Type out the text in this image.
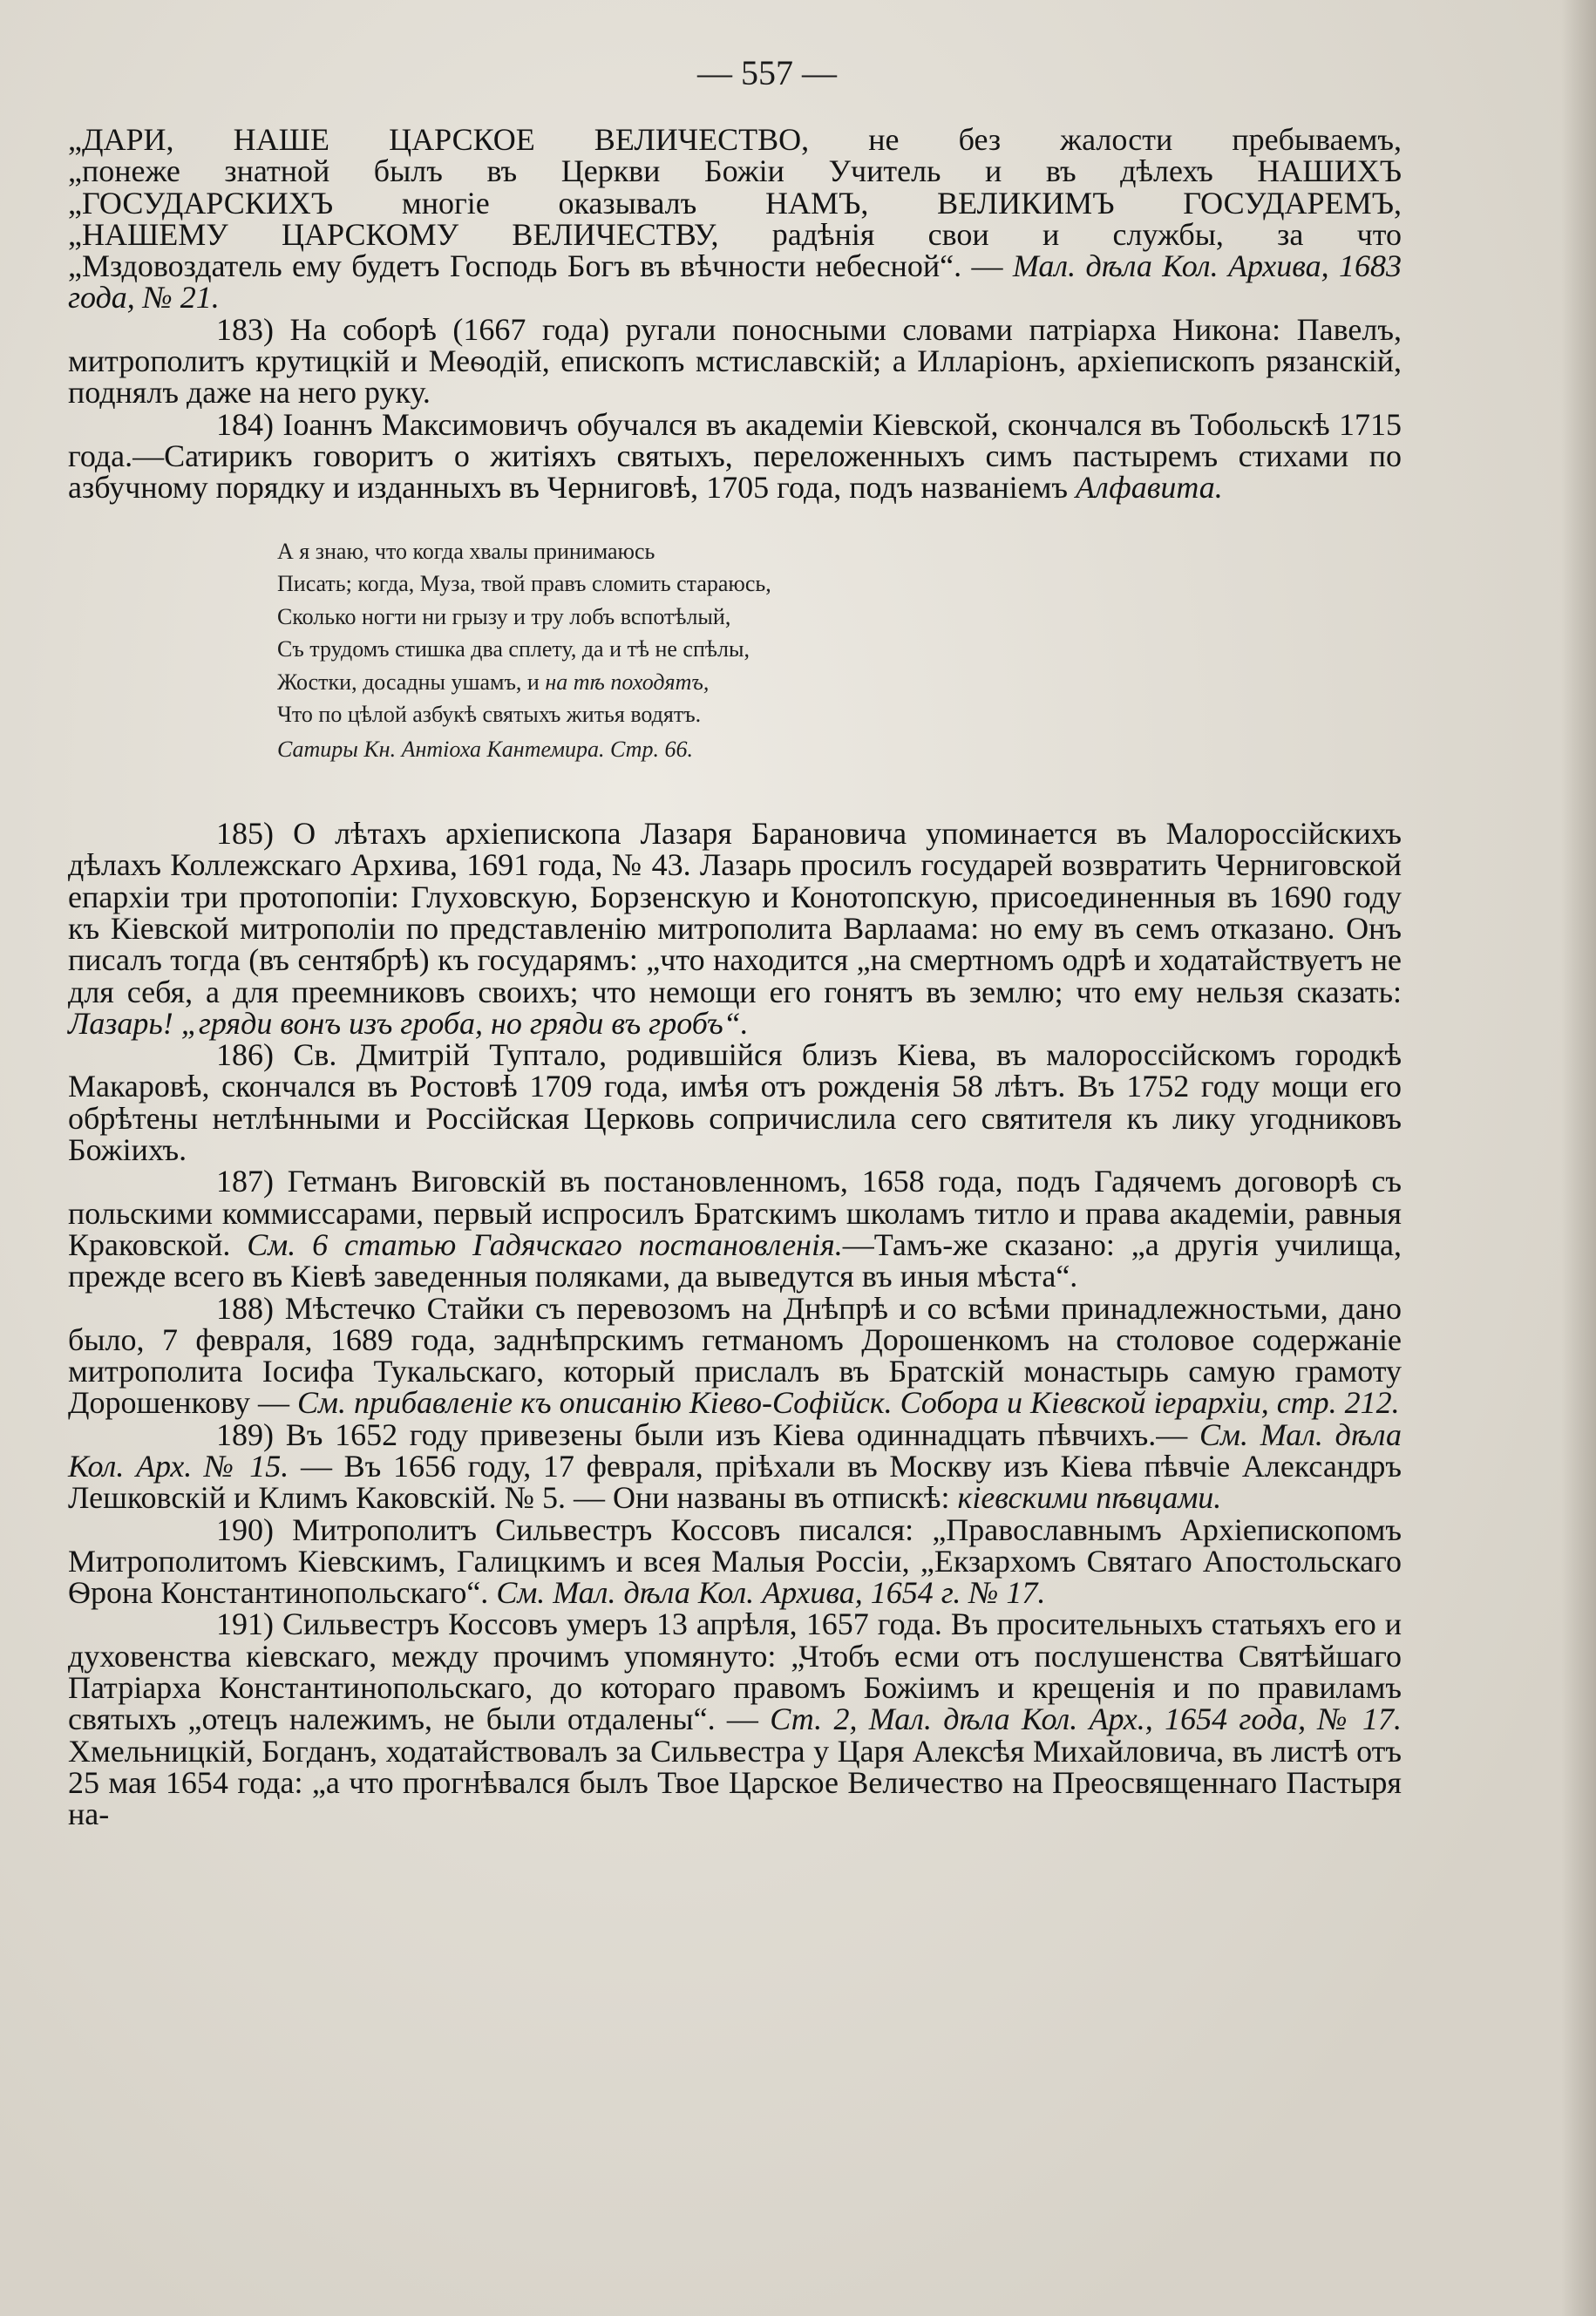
— 557 —

„ДАРИ, НАШЕ ЦАРСКОЕ ВЕЛИЧЕСТВО, не без жалости пребываемъ,

„понеже знатной былъ въ Церкви Божіи Учитель и въ дѣлехъ НАШИХЪ

„ГОСУДАРСКИХЪ многіе оказывалъ НАМЪ, ВЕЛИКИМЪ ГОСУДАРЕМЪ,

„НАШЕМУ ЦАРСКОМУ ВЕЛИЧЕСТВУ, радѣнія свои и службы, за что

„Мздовоздатель ему будетъ Господь Богъ въ вѣчности небесной“. — Мал. дѣла Кол. Архива, 1683 года, № 21.

183) На соборѣ (1667 года) ругали поносными словами патріарха Никона: Павелъ, митрополитъ крутицкій и Меѳодій, епископъ мстиславскій; а Илларіонъ, архіепископъ рязанскій, поднялъ даже на него руку.

184) Іоаннъ Максимовичъ обучался въ академіи Кіевской, скончался въ Тобольскѣ 1715 года.—Сатирикъ говоритъ о житіяхъ святыхъ, переложенныхъ симъ пастыремъ стихами по азбучному порядку и изданныхъ въ Черниговѣ, 1705 года, подъ названіемъ Алфавита.

А я знаю, что когда хвалы принимаюсь
Писать; когда, Муза, твой правъ сломить стараюсь,
Сколько ногти ни грызу и тру лобъ вспотѣлый,
Съ трудомъ стишка два сплету, да и тѣ не спѣлы,
Жостки, досадны ушамъ, и на тѣ походятъ,
Что по цѣлой азбукѣ святыхъ житья водятъ.
Сатиры Кн. Антіоха Кантемира. Стр. 66.

185) О лѣтахъ архіепископа Лазаря Барановича упоминается въ Малороссійскихъ дѣлахъ Коллежскаго Архива, 1691 года, № 43. Лазарь просилъ государей возвратить Черниговской епархіи три протопопіи: Глуховскую, Борзенскую и Конотопскую, присоединенныя въ 1690 году къ Кіевской митрополіи по представленію митрополита Варлаама: но ему въ семъ отказано. Онъ писалъ тогда (въ сентябрѣ) къ государямъ: „что находится „на смертномъ одрѣ и ходатайствуетъ не для себя, а для преемниковъ своихъ; что немощи его гонятъ въ землю; что ему нельзя сказать: Лазарь! „гряди вонъ изъ гроба, но гряди въ гробъ“.

186) Св. Дмитрій Туптало, родившійся близъ Кіева, въ малороссійскомъ городкѣ Макаровѣ, скончался въ Ростовѣ 1709 года, имѣя отъ рожденія 58 лѣтъ. Въ 1752 году мощи его обрѣтены нетлѣнными и Россійская Церковь сопричислила сего святителя къ лику угодниковъ Божіихъ.

187) Гетманъ Виговскій въ постановленномъ, 1658 года, подъ Гадячемъ договорѣ съ польскими коммиссарами, первый испросилъ Братскимъ школамъ титло и права академіи, равныя Краковской. См. 6 статью Гадячскаго постановленія.—Тамъ-же сказано: „а другія училища, прежде всего въ Кіевѣ заведенныя поляками, да выведутся въ иныя мѣста“.

188) Мѣстечко Стайки съ перевозомъ на Днѣпрѣ и со всѣми принадлежностьми, дано было, 7 февраля, 1689 года, заднѣпрскимъ гетманомъ Дорошенкомъ на столовое содержаніе митрополита Іосифа Тукальскаго, который прислалъ въ Братскій монастырь самую грамоту Дорошенкову — См. прибавленіе къ описанію Кіево-Софійск. Собора и Кіевской іерархіи, стр. 212.

189) Въ 1652 году привезены были изъ Кіева одиннадцать пѣвчихъ.— См. Мал. дѣла Кол. Арх. № 15. — Въ 1656 году, 17 февраля, пріѣхали въ Москву изъ Кіева пѣвчіе Александръ Лешковскій и Климъ Каковскій. № 5. — Они названы въ отпискѣ: кіевскими пѣвцами.

190) Митрополитъ Сильвестръ Коссовъ писался: „Православнымъ Архіепископомъ Митрополитомъ Кіевскимъ, Галицкимъ и всея Малыя Россіи, „Екзархомъ Святаго Апостольскаго Ѳрона Константинопольскаго“. См. Мал. дѣла Кол. Архива, 1654 г. № 17.

191) Сильвестръ Коссовъ умеръ 13 апрѣля, 1657 года. Въ просительныхъ статьяхъ его и духовенства кіевскаго, между прочимъ упомянуто: „Чтобъ есми отъ послушенства Святѣйшаго Патріарха Константинопольскаго, до котораго правомъ Божіимъ и крещенія и по правиламъ святыхъ „отецъ належимъ, не были отдалены“. — Ст. 2, Мал. дѣла Кол. Арх., 1654 года, № 17. Хмельницкій, Богданъ, ходатайствовалъ за Сильвестра у Царя Алексѣя Михайловича, въ листѣ отъ 25 мая 1654 года: „а что прогнѣвался былъ Твое Царское Величество на Преосвященнаго Пастыря на-
